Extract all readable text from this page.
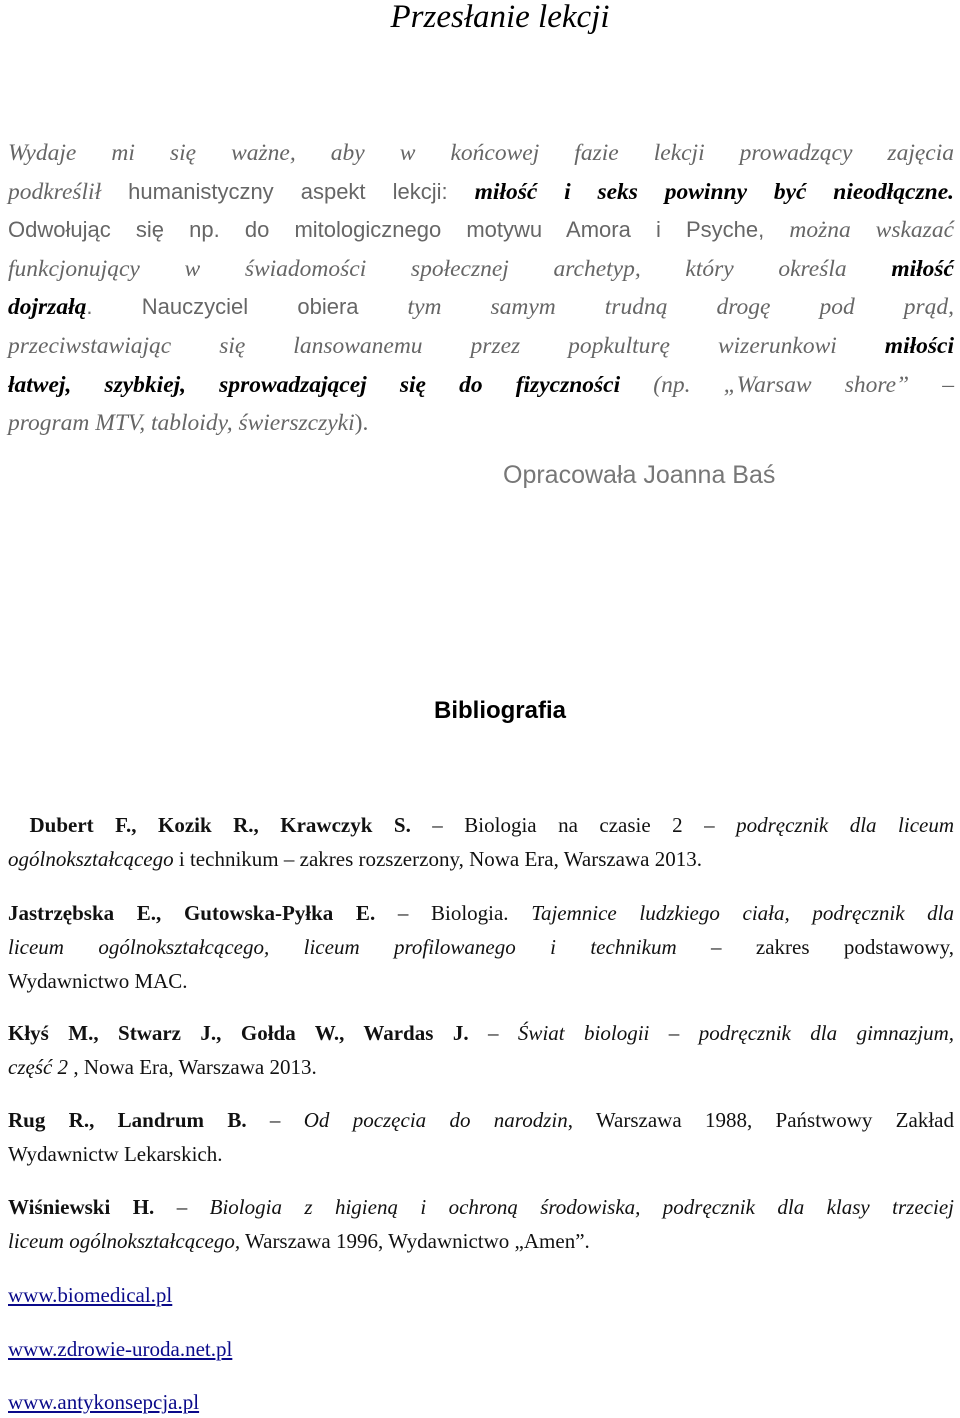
Przesłanie lekcji
Wydaje mi się ważne, aby w końcowej fazie lekcji prowadzący zajęcia
podkreślił humanistyczny aspekt lekcji: miłość i seks powinny być nieodłączne.
Odwołując się np. do mitologicznego motywu Amora i Psyche, można wskazać
funkcjonujący w świadomości społecznej archetyp, który określa miłość
dojrzałą. Nauczyciel obiera tym samym trudną drogę pod prąd,
przeciwstawiając się lansowanemu przez popkulturę wizerunkowi miłości
łatwej, szybkiej, sprowadzającej się do fizyczności (np. „Warsaw shore” –
program MTV, tabloidy, świerszczyki).
Opracowała Joanna Baś
Bibliografia
Dubert F., Kozik R., Krawczyk S. – Biologia na czasie 2 – podręcznik dla liceum
ogólnokształcącego i technikum – zakres rozszerzony, Nowa Era, Warszawa 2013.
Jastrzębska E., Gutowska-Pyłka E. – Biologia. Tajemnice ludzkiego ciała, podręcznik dla
liceum ogólnokształcącego, liceum profilowanego i technikum – zakres podstawowy,
Wydawnictwo MAC.
Kłyś M., Stwarz J., Gołda W., Wardas J. – Świat biologii – podręcznik dla gimnazjum,
część 2 , Nowa Era, Warszawa 2013.
Rug R., Landrum B. – Od poczęcia do narodzin, Warszawa 1988, Państwowy Zakład
Wydawnictw Lekarskich.
Wiśniewski H. – Biologia z higieną i ochroną środowiska, podręcznik dla klasy trzeciej
liceum ogólnokształcącego, Warszawa 1996, Wydawnictwo „Amen”.
www.biomedical.pl
www.zdrowie-uroda.net.pl
www.antykonsepcja.pl
